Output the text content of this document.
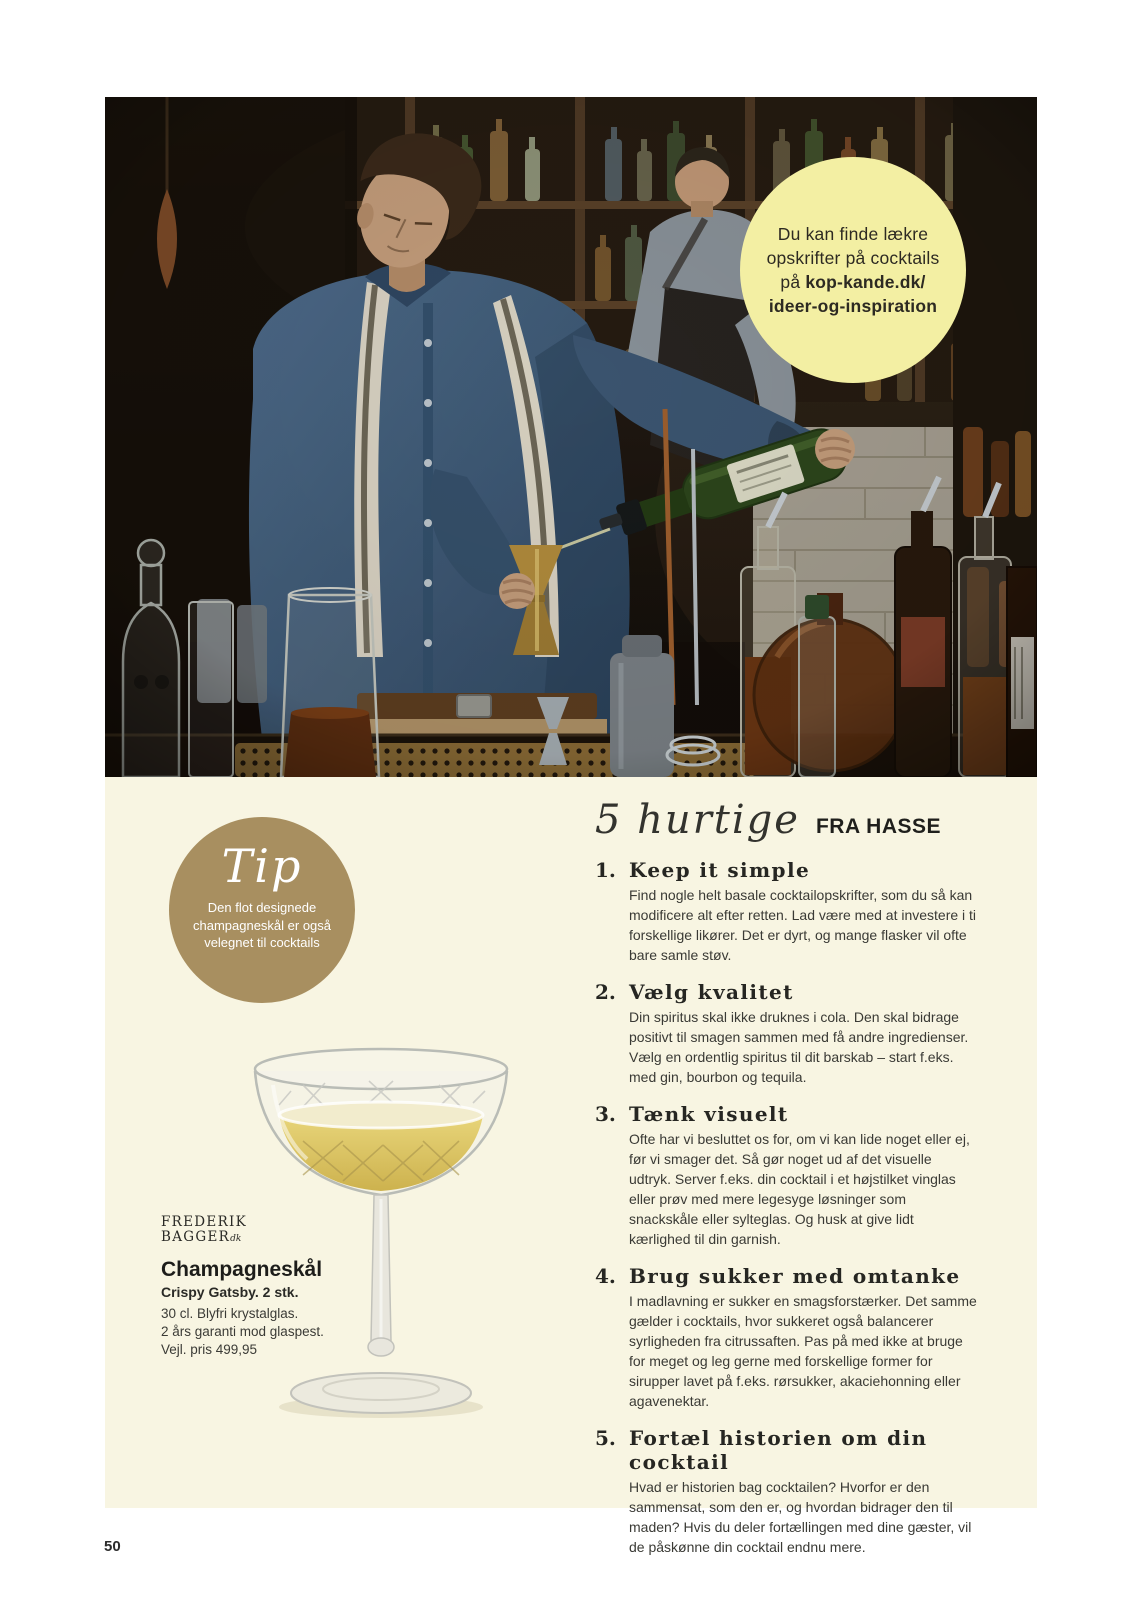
Du kan finde lækre
opskrifter på cocktails
på kop-kande.dk/
ideer-og-inspiration
Tip
Den flot designede champagneskål er også velegnet til cocktails
FREDERIK
BAGGERdk
Champagneskål
Crispy Gatsby. 2 stk.
30 cl. Blyfri krystalglas.
2 års garanti mod glaspest.
Vejl. pris 499,95
5 hurtige FRA HASSE
1. Keep it simple

Find nogle helt basale cocktailopskrifter, som du så kan modificere alt efter retten. Lad være med at investere i ti forskellige likører. Det er dyrt, og mange flasker vil ofte bare samle støv.

2. Vælg kvalitet

Din spiritus skal ikke druknes i cola. Den skal bidrage positivt til smagen sammen med få andre ingredienser. Vælg en ordentlig spiritus til dit barskab – start f.eks. med gin, bourbon og tequila.

3. Tænk visuelt

Ofte har vi besluttet os for, om vi kan lide noget eller ej, før vi smager det. Så gør noget ud af det visuelle udtryk. Server f.eks. din cocktail i et højstilket vinglas eller prøv med mere legesyge løsninger som snackskåle eller sylteglas. Og husk at give lidt kærlighed til din garnish.

4. Brug sukker med omtanke

I madlavning er sukker en smagsforstærker. Det samme gælder i cocktails, hvor sukkeret også balancerer syrligheden fra citrussaften. Pas på med ikke at bruge for meget og leg gerne med forskellige former for sirupper lavet på f.eks. rørsukker, akaciehonning eller agavenektar.

5. Fortæl historien om din cocktail

Hvad er historien bag cocktailen? Hvorfor er den sammensat, som den er, og hvordan bidrager den til maden? Hvis du deler fortællingen med dine gæster, vil de påskønne din cocktail endnu mere.

50
